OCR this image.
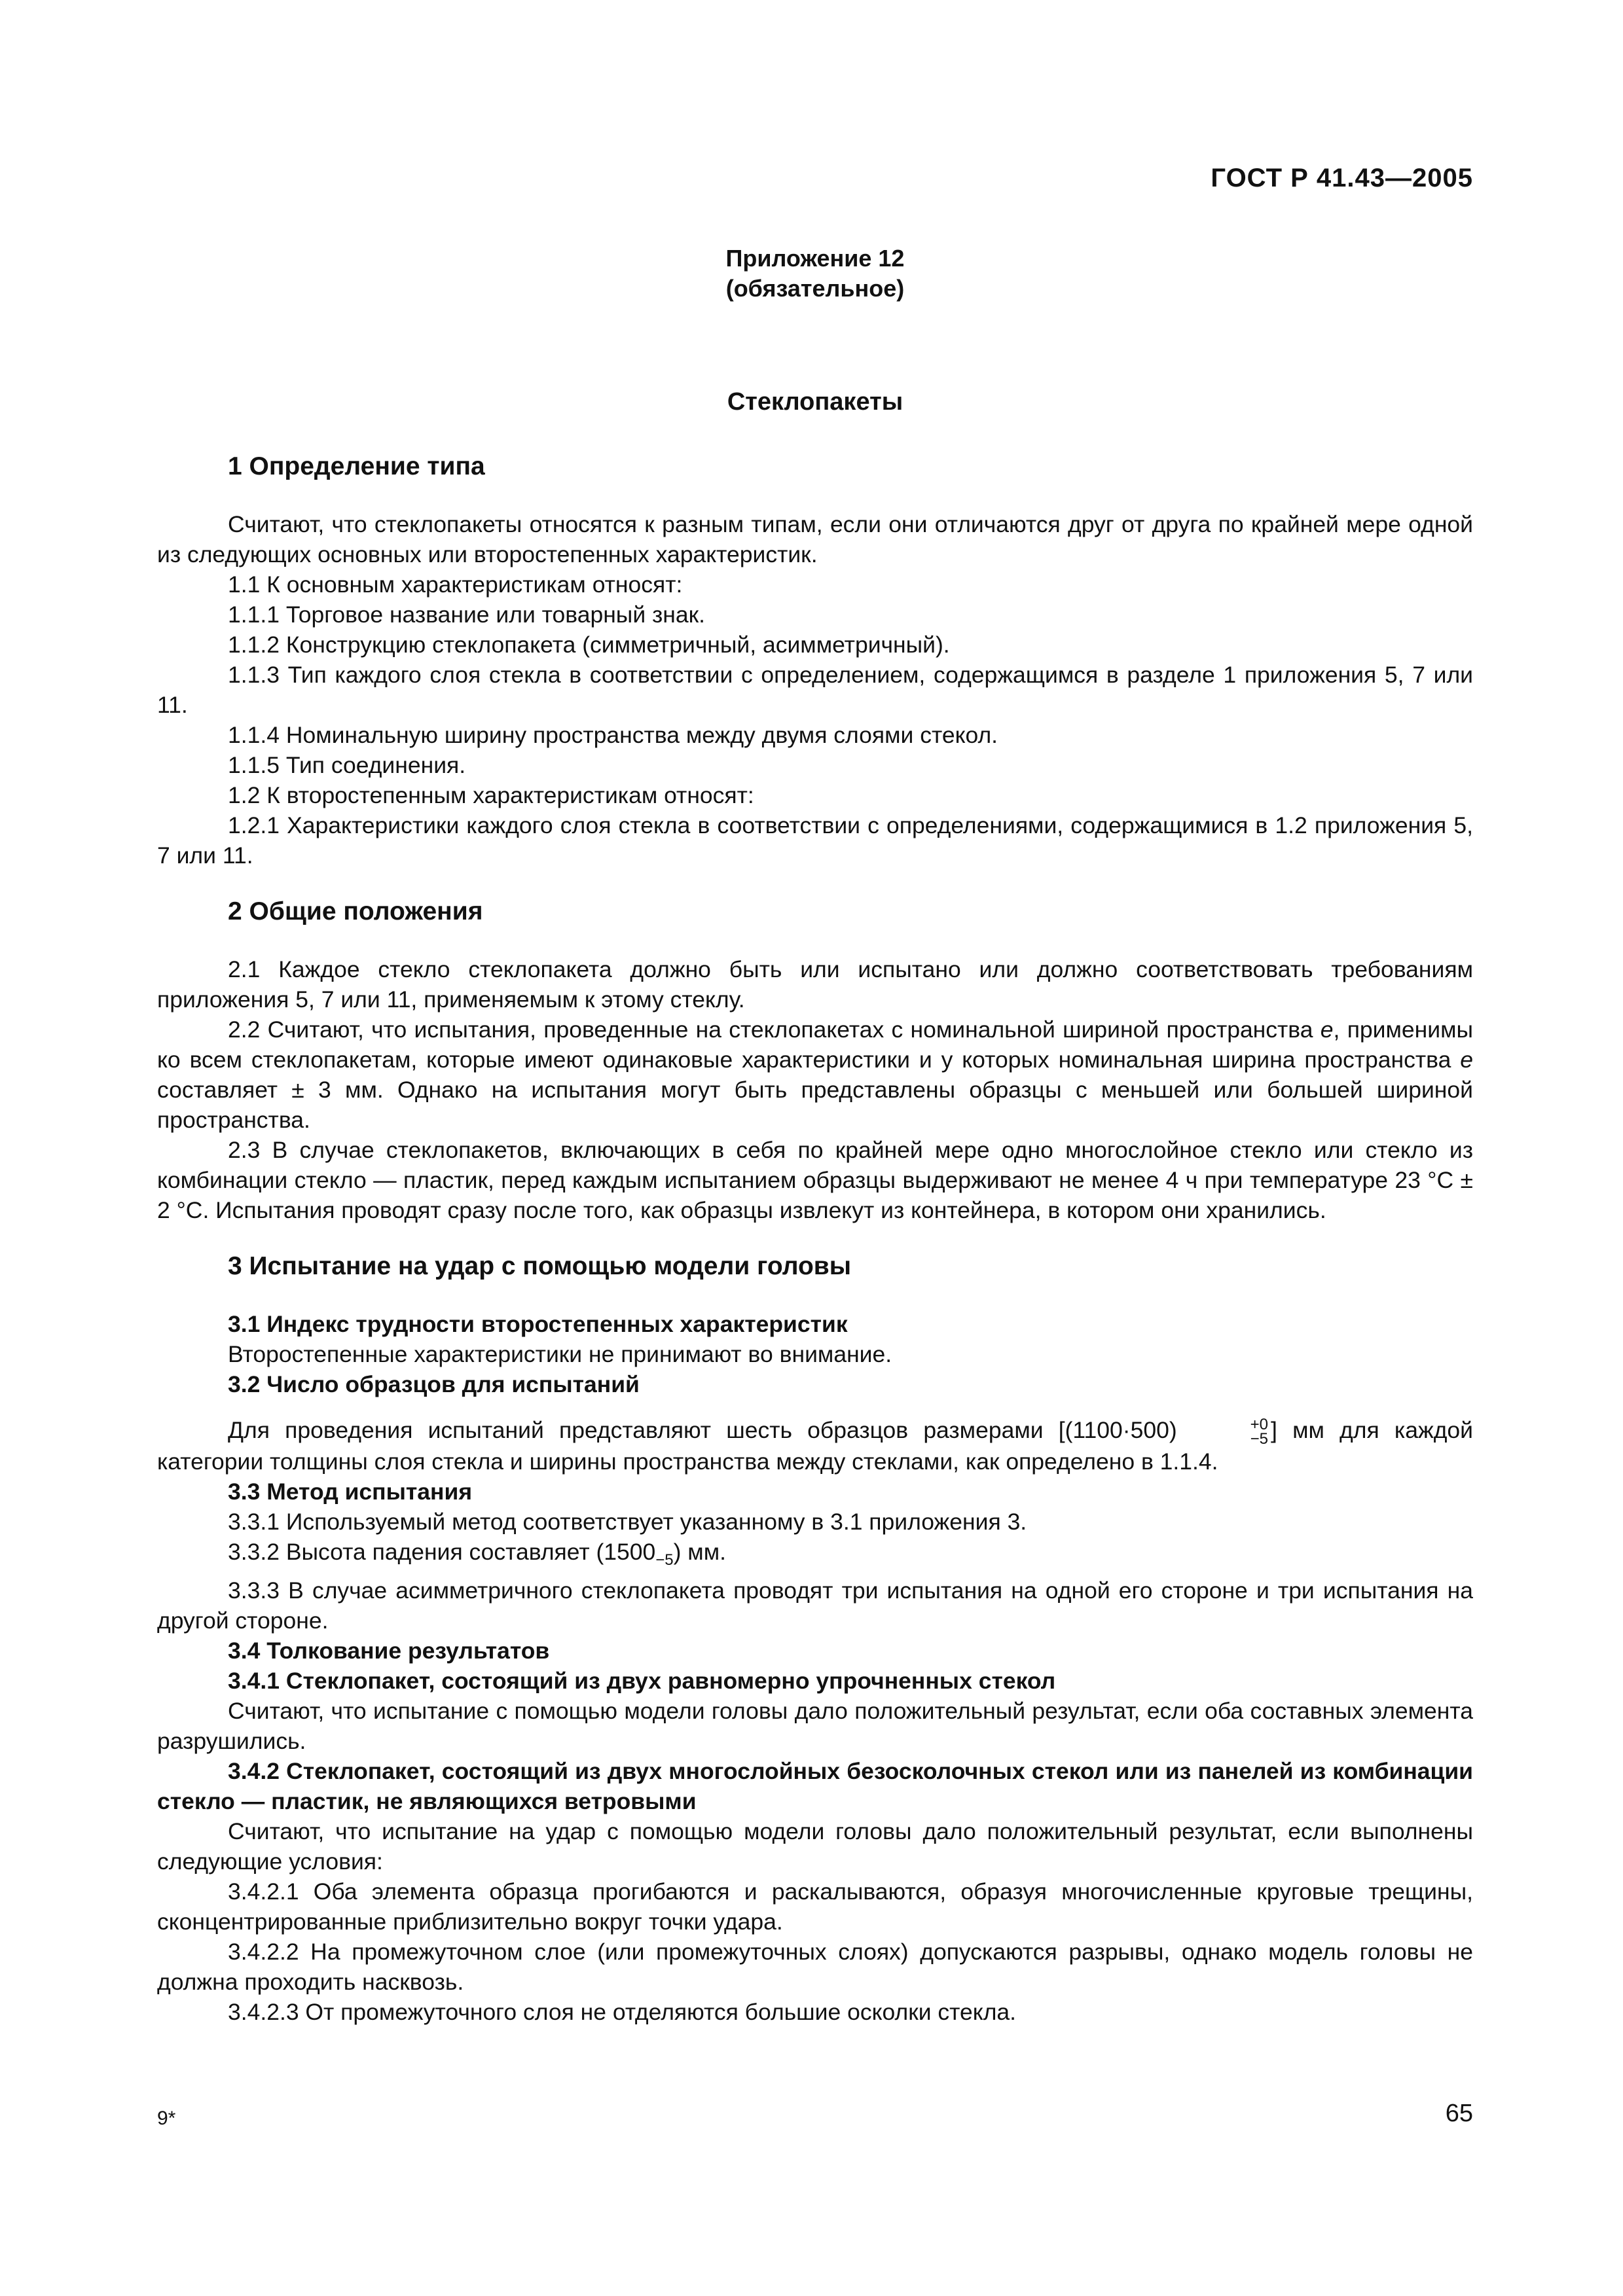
ГОСТ Р 41.43—2005
Приложение 12
(обязательное)
Стеклопакеты
1 Определение типа

Считают, что стеклопакеты относятся к разным типам, если они отличаются друг от друга по крайней мере одной из следующих основных или второстепенных характеристик.

1.1 К основным характеристикам относят:

1.1.1 Торговое название или товарный знак.

1.1.2 Конструкцию стеклопакета (симметричный, асимметричный).

1.1.3 Тип каждого слоя стекла в соответствии с определением, содержащимся в разделе 1 приложения 5, 7 или 11.

1.1.4 Номинальную ширину пространства между двумя слоями стекол.

1.1.5 Тип соединения.

1.2 К второстепенным характеристикам относят:

1.2.1 Характеристики каждого слоя стекла в соответствии с определениями, содержащимися в 1.2 приложения 5, 7 или 11.

2 Общие положения

2.1 Каждое стекло стеклопакета должно быть или испытано или должно соответствовать требованиям приложения 5, 7 или 11, применяемым к этому стеклу.

2.2 Считают, что испытания, проведенные на стеклопакетах с номинальной шириной пространства е, применимы ко всем стеклопакетам, которые имеют одинаковые характеристики и у которых номинальная ширина пространства е составляет ± 3 мм. Однако на испытания могут быть представлены образцы с меньшей или большей шириной пространства.

2.3 В случае стеклопакетов, включающих в себя по крайней мере одно многослойное стекло или стекло из комбинации стекло — пластик, перед каждым испытанием образцы выдерживают не менее 4 ч при температуре 23 °С ± 2 °С. Испытания проводят сразу после того, как образцы извлекут из контейнера, в котором они хранились.

3 Испытание на удар с помощью модели головы
3.1 Индекс трудности второстепенных характеристик

Второстепенные характеристики не принимают во внимание.

3.2 Число образцов для испытаний

Для проведения испытаний представляют шесть образцов размерами [(1100·500)	+0
−5 ] мм для каждой категории толщины слоя стекла и ширины пространства между стеклами, как определено в 1.1.4.

3.3 Метод испытания

3.3.1 Используемый метод соответствует указанному в 3.1 приложения 3.

3.3.2 Высота падения составляет $(1500_{-5})$ мм.

3.3.3 В случае асимметричного стеклопакета проводят три испытания на одной его стороне и три испытания на другой стороне.

3.4 Толкование результатов
3.4.1 Стеклопакет, состоящий из двух равномерно упрочненных стекол

Считают, что испытание с помощью модели головы дало положительный результат, если оба составных элемента разрушились.

3.4.2 Стеклопакет, состоящий из двух многослойных безосколочных стекол или из панелей из комбинации стекло — пластик, не являющихся ветровыми

Считают, что испытание на удар с помощью модели головы дало положительный результат, если выполнены следующие условия:

3.4.2.1 Оба элемента образца прогибаются и раскалываются, образуя многочисленные круговые трещины, сконцентрированные приблизительно вокруг точки удара.

3.4.2.2 На промежуточном слое (или промежуточных слоях) допускаются разрывы, однако модель головы не должна проходить насквозь.

3.4.2.3 От промежуточного слоя не отделяются большие осколки стекла.

9*	65
